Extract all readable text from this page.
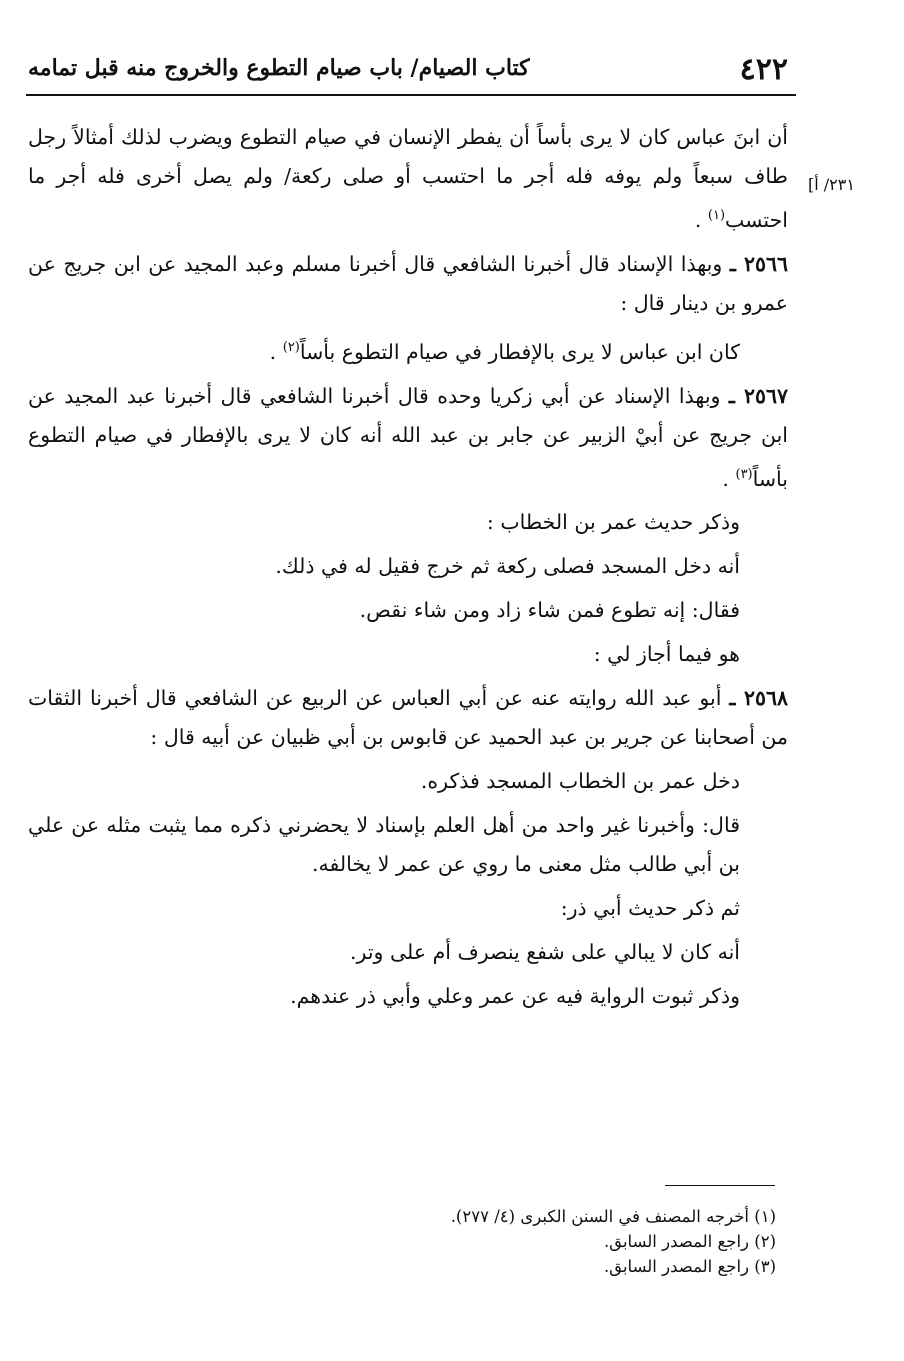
٤٢٢
كتاب الصيام/ باب صيام التطوع والخروج منه قبل تمامه
٢٣١/ أ]

أن ابنَ عباس كان لا يرى بأساً أن يفطر الإنسان في صيام التطوع ويضرب لذلك أمثالاً رجل طاف سبعاً ولم يوفه فله أجر ما احتسب أو صلى ركعة/ ولم يصل أخرى فله أجر ما احتسب$^{(١)}$ .

٢٥٦٦ ـ وبهذا الإسناد قال أخبرنا الشافعي قال أخبرنا مسلم وعبد المجيد عن ابن جريج عن عمرو بن دينار قال :

كان ابن عباس لا يرى بالإفطار في صيام التطوع بأساً$^{(٢)}$ .

٢٥٦٧ ـ وبهذا الإسناد عن أبي زكريا وحده قال أخبرنا الشافعي قال أخبرنا عبد المجيد عن ابن جريج عن أبيْ الزبير عن جابر بن عبد الله أنه كان لا يرى بالإفطار في صيام التطوع بأساً$^{(٣)}$ .

وذكر حديث عمر بن الخطاب :

أنه دخل المسجد فصلى ركعة ثم خرج فقيل له في ذلك.

فقال: إنه تطوع فمن شاء زاد ومن شاء نقص.

هو فيما أجاز لي :

٢٥٦٨ ـ أبو عبد الله روايته عنه عن أبي العباس عن الربيع عن الشافعي قال أخبرنا الثقات من أصحابنا عن جرير بن عبد الحميد عن قابوس بن أبي ظبيان عن أبيه قال :

دخل عمر بن الخطاب المسجد فذكره.

قال: وأخبرنا غير واحد من أهل العلم بإسناد لا يحضرني ذكره مما يثبت مثله عن علي بن أبي طالب مثل معنى ما روي عن عمر لا يخالفه.

ثم ذكر حديث أبي ذر:

أنه كان لا يبالي على شفع ينصرف أم على وتر.

وذكر ثبوت الرواية فيه عن عمر وعلي وأبي ذر عندهم.

(١) أخرجه المصنف في السنن الكبرى (٤/ ٢٧٧).
(٢) راجع المصدر السابق.
(٣) راجع المصدر السابق.
